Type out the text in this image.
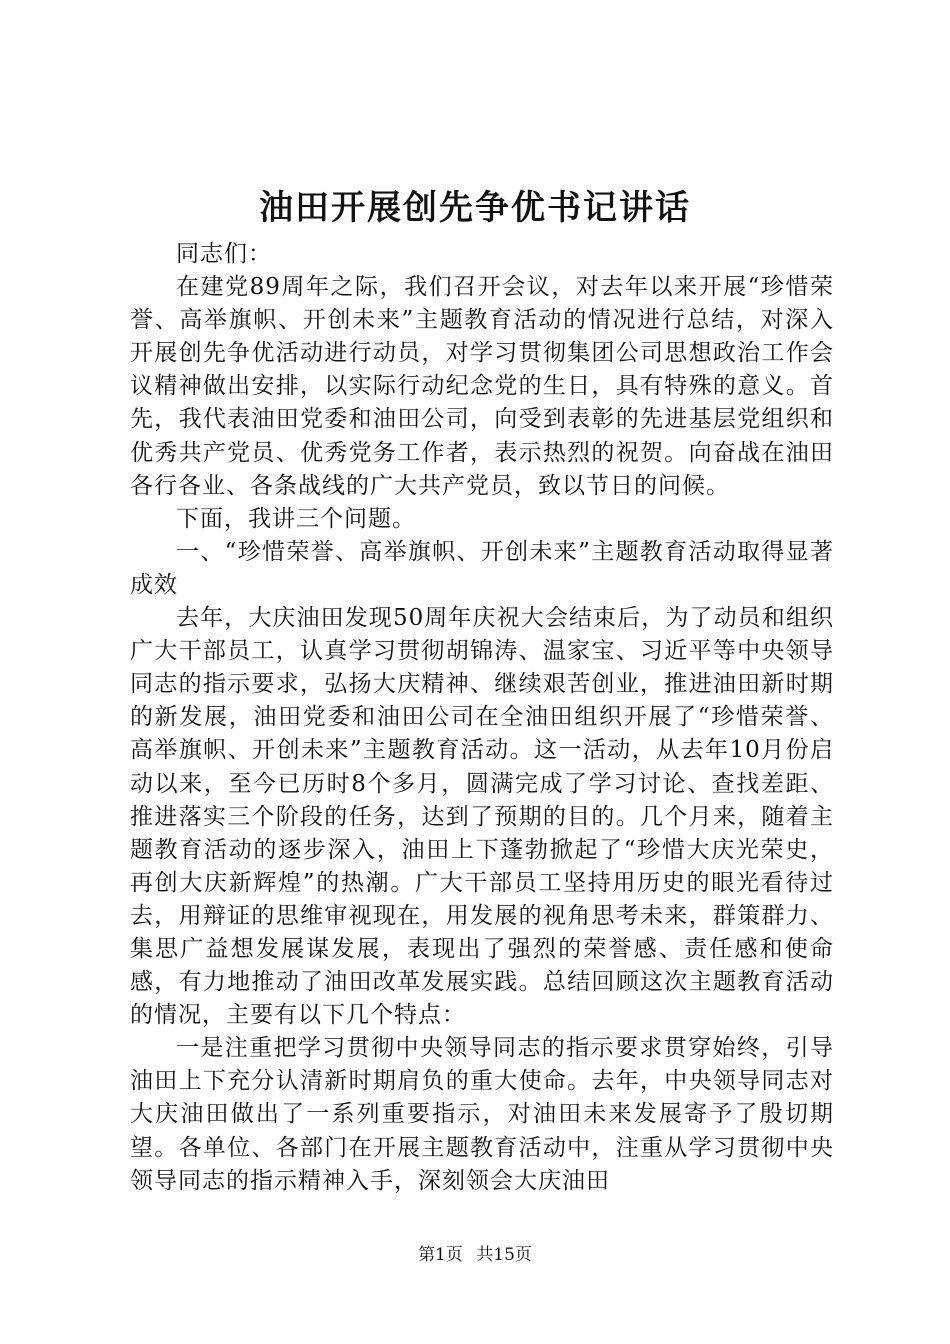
油田开展创先争优书记讲话

同志们：

在建党89周年之际，我们召开会议，对去年以来开展“珍惜荣誉、高举旗帜、开创未来”主题教育活动的情况进行总结，对深入开展创先争优活动进行动员，对学习贯彻集团公司思想政治工作会议精神做出安排，以实际行动纪念党的生日，具有特殊的意义。首先，我代表油田党委和油田公司，向受到表彰的先进基层党组织和优秀共产党员、优秀党务工作者，表示热烈的祝贺。向奋战在油田各行各业、各条战线的广大共产党员，致以节日的问候。

下面，我讲三个问题。

一、“珍惜荣誉、高举旗帜、开创未来”主题教育活动取得显著成效

去年，大庆油田发现50周年庆祝大会结束后，为了动员和组织广大干部员工，认真学习贯彻胡锦涛、温家宝、习近平等中央领导同志的指示要求，弘扬大庆精神、继续艰苦创业，推进油田新时期的新发展，油田党委和油田公司在全油田组织开展了“珍惜荣誉、高举旗帜、开创未来”主题教育活动。这一活动，从去年10月份启动以来，至今已历时8个多月，圆满完成了学习讨论、查找差距、推进落实三个阶段的任务，达到了预期的目的。几个月来，随着主题教育活动的逐步深入，油田上下蓬勃掀起了“珍惜大庆光荣史，再创大庆新辉煌”的热潮。广大干部员工坚持用历史的眼光看待过去，用辩证的思维审视现在，用发展的视角思考未来，群策群力、集思广益想发展谋发展，表现出了强烈的荣誉感、责任感和使命感，有力地推动了油田改革发展实践。总结回顾这次主题教育活动的情况，主要有以下几个特点：

一是注重把学习贯彻中央领导同志的指示要求贯穿始终，引导油田上下充分认清新时期肩负的重大使命。去年，中央领导同志对大庆油田做出了一系列重要指示，对油田未来发展寄予了殷切期望。各单位、各部门在开展主题教育活动中，注重从学习贯彻中央领导同志的指示精神入手，深刻领会大庆油田

第1页 共15页
